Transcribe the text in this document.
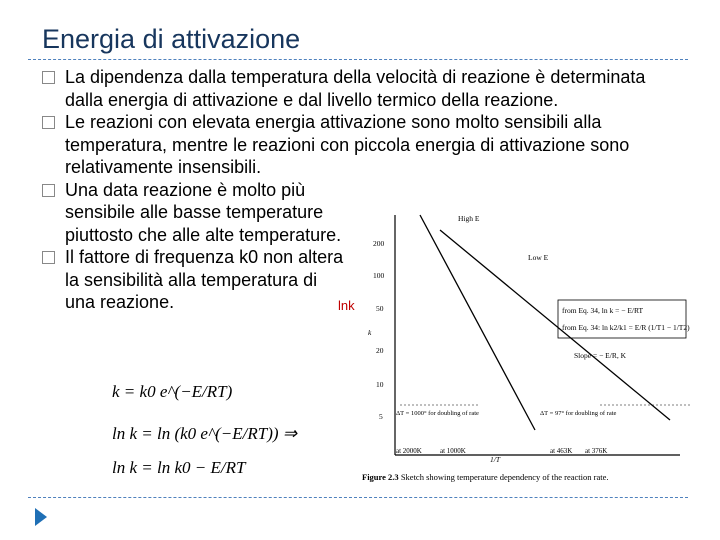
Energia di attivazione
La dipendenza dalla temperatura della velocità di reazione è determinata dalla energia di attivazione e dal livello termico della reazione.
Le reazioni con elevata energia attivazione sono molto sensibili alla temperatura, mentre le reazioni con piccola energia di attivazione sono relativamente insensibili.
Una data reazione è molto più sensibile alle basse temperature piuttosto che alle alte temperature.
Il fattore di frequenza k0 non altera la sensibilità alla temperatura di una reazione.	lnk
k = k0 e^(−E/RT)
ln k = ln (k0 e^(−E/RT)) ⇒
ln k = ln k0 − E/RT
200
100
50
20
10
5
k
1/T
High E
Low E
from Eq. 34, ln k = − E/RT
from Eq. 34: ln k2/k1 = E/R (1/T1 − 1/T2)
Slope = − E/R, K
ΔT = 1000° for doubling of rate	ΔT = 97° for doubling of rate
at 2000K	at 1000K	at 463K at 376K
Figure 2.3 Sketch showing temperature dependency of the reaction rate.
